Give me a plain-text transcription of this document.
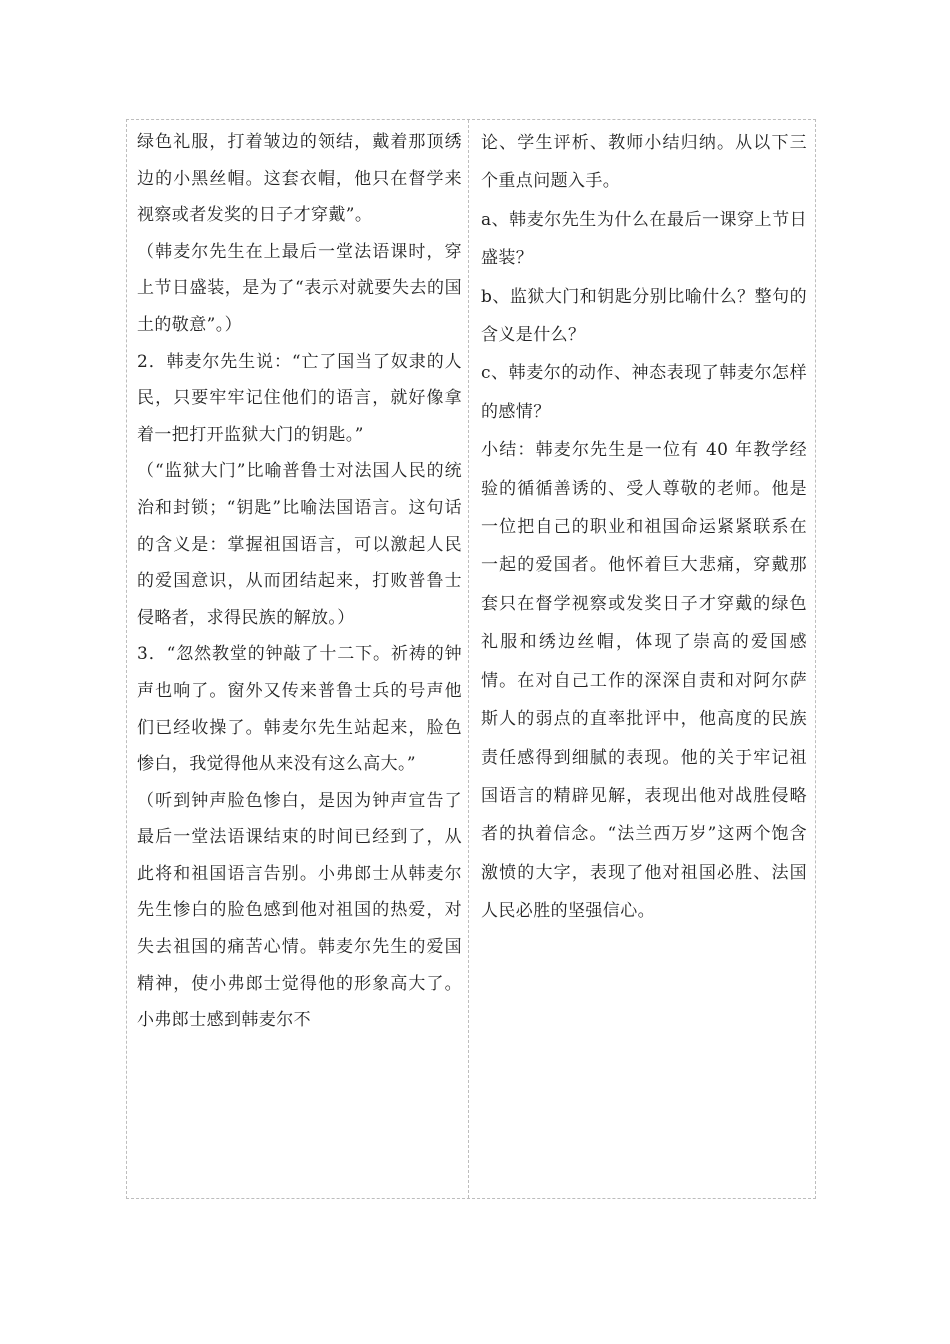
绿色礼服，打着皱边的领结，戴着那顶绣边的小黑丝帽。这套衣帽，他只在督学来视察或者发奖的日子才穿戴”。

（韩麦尔先生在上最后一堂法语课时，穿上节日盛装，是为了“表示对就要失去的国土的敬意”。）

2．韩麦尔先生说：“亡了国当了奴隶的人民，只要牢牢记住他们的语言，就好像拿着一把打开监狱大门的钥匙。”

（“监狱大门”比喻普鲁士对法国人民的统治和封锁；“钥匙”比喻法国语言。这句话的含义是：掌握祖国语言，可以激起人民的爱国意识，从而团结起来，打败普鲁士侵略者，求得民族的解放。）

3．“忽然教堂的钟敲了十二下。祈祷的钟声也响了。窗外又传来普鲁士兵的号声他们已经收操了。韩麦尔先生站起来，脸色惨白，我觉得他从来没有这么高大。”

（听到钟声脸色惨白，是因为钟声宣告了最后一堂法语课结束的时间已经到了，从此将和祖国语言告别。小弗郎士从韩麦尔先生惨白的脸色感到他对祖国的热爱，对失去祖国的痛苦心情。韩麦尔先生的爱国精神，使小弗郎士觉得他的形象高大了。小弗郎士感到韩麦尔不

论、学生评析、教师小结归纳。从以下三个重点问题入手。

a、韩麦尔先生为什么在最后一课穿上节日盛装？

b、监狱大门和钥匙分别比喻什么？整句的含义是什么？

c、韩麦尔的动作、神态表现了韩麦尔怎样的感情？

小结：韩麦尔先生是一位有 40 年教学经验的循循善诱的、受人尊敬的老师。他是一位把自己的职业和祖国命运紧紧联系在一起的爱国者。他怀着巨大悲痛，穿戴那套只在督学视察或发奖日子才穿戴的绿色礼服和绣边丝帽，体现了崇高的爱国感情。在对自己工作的深深自责和对阿尔萨斯人的弱点的直率批评中，他高度的民族责任感得到细腻的表现。他的关于牢记祖国语言的精辟见解，表现出他对战胜侵略者的执着信念。“法兰西万岁”这两个饱含激愤的大字，表现了他对祖国必胜、法国人民必胜的坚强信心。
